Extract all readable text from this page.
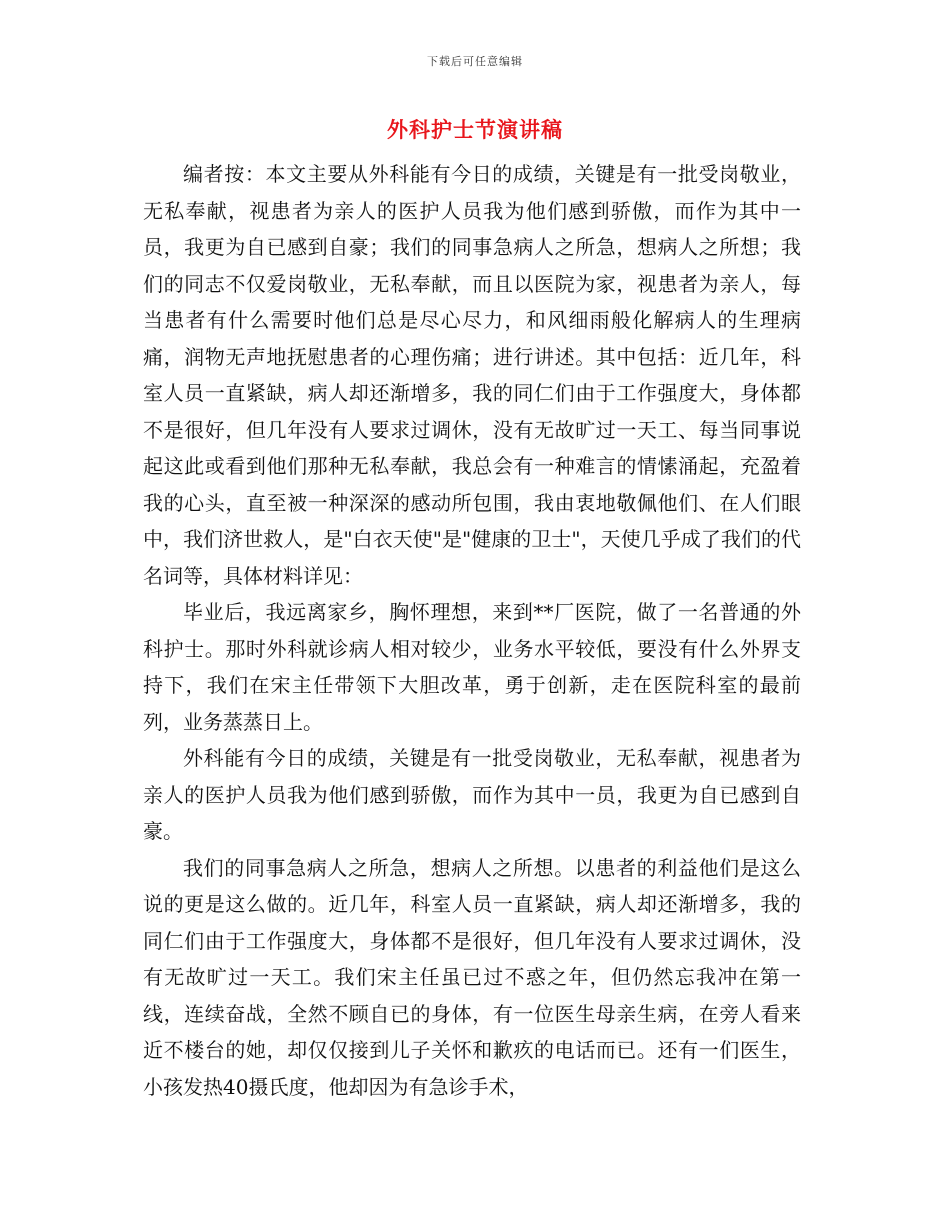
下载后可任意编辑
外科护士节演讲稿

编者按：本文主要从外科能有今日的成绩，关键是有一批受岗敬业，无私奉献，视患者为亲人的医护人员我为他们感到骄傲，而作为其中一员，我更为自已感到自豪；我们的同事急病人之所急，想病人之所想；我们的同志不仅爱岗敬业，无私奉献，而且以医院为家，视患者为亲人，每当患者有什么需要时他们总是尽心尽力，和风细雨般化解病人的生理病痛，润物无声地抚慰患者的心理伤痛；进行讲述。其中包括：近几年，科室人员一直紧缺，病人却还渐增多，我的同仁们由于工作强度大，身体都不是很好，但几年没有人要求过调休，没有无故旷过一天工、每当同事说起这此或看到他们那种无私奉献，我总会有一种难言的情愫涌起，充盈着我的心头，直至被一种深深的感动所包围，我由衷地敬佩他们、在人们眼中，我们济世救人，是"白衣天使"是"健康的卫士"，天使几乎成了我们的代名词等，具体材料详见：

毕业后，我远离家乡，胸怀理想，来到**厂医院，做了一名普通的外科护士。那时外科就诊病人相对较少，业务水平较低，要没有什么外界支持下，我们在宋主任带领下大胆改革，勇于创新，走在医院科室的最前列，业务蒸蒸日上。

外科能有今日的成绩，关键是有一批受岗敬业，无私奉献，视患者为亲人的医护人员我为他们感到骄傲，而作为其中一员，我更为自已感到自豪。

我们的同事急病人之所急，想病人之所想。以患者的利益他们是这么说的更是这么做的。近几年，科室人员一直紧缺，病人却还渐增多，我的同仁们由于工作强度大，身体都不是很好，但几年没有人要求过调休，没有无故旷过一天工。我们宋主任虽已过不惑之年，但仍然忘我冲在第一线，连续奋战，全然不顾自已的身体，有一位医生母亲生病，在旁人看来近不楼台的她，却仅仅接到儿子关怀和歉疚的电话而已。还有一们医生，小孩发热40摄氏度，他却因为有急诊手术，
